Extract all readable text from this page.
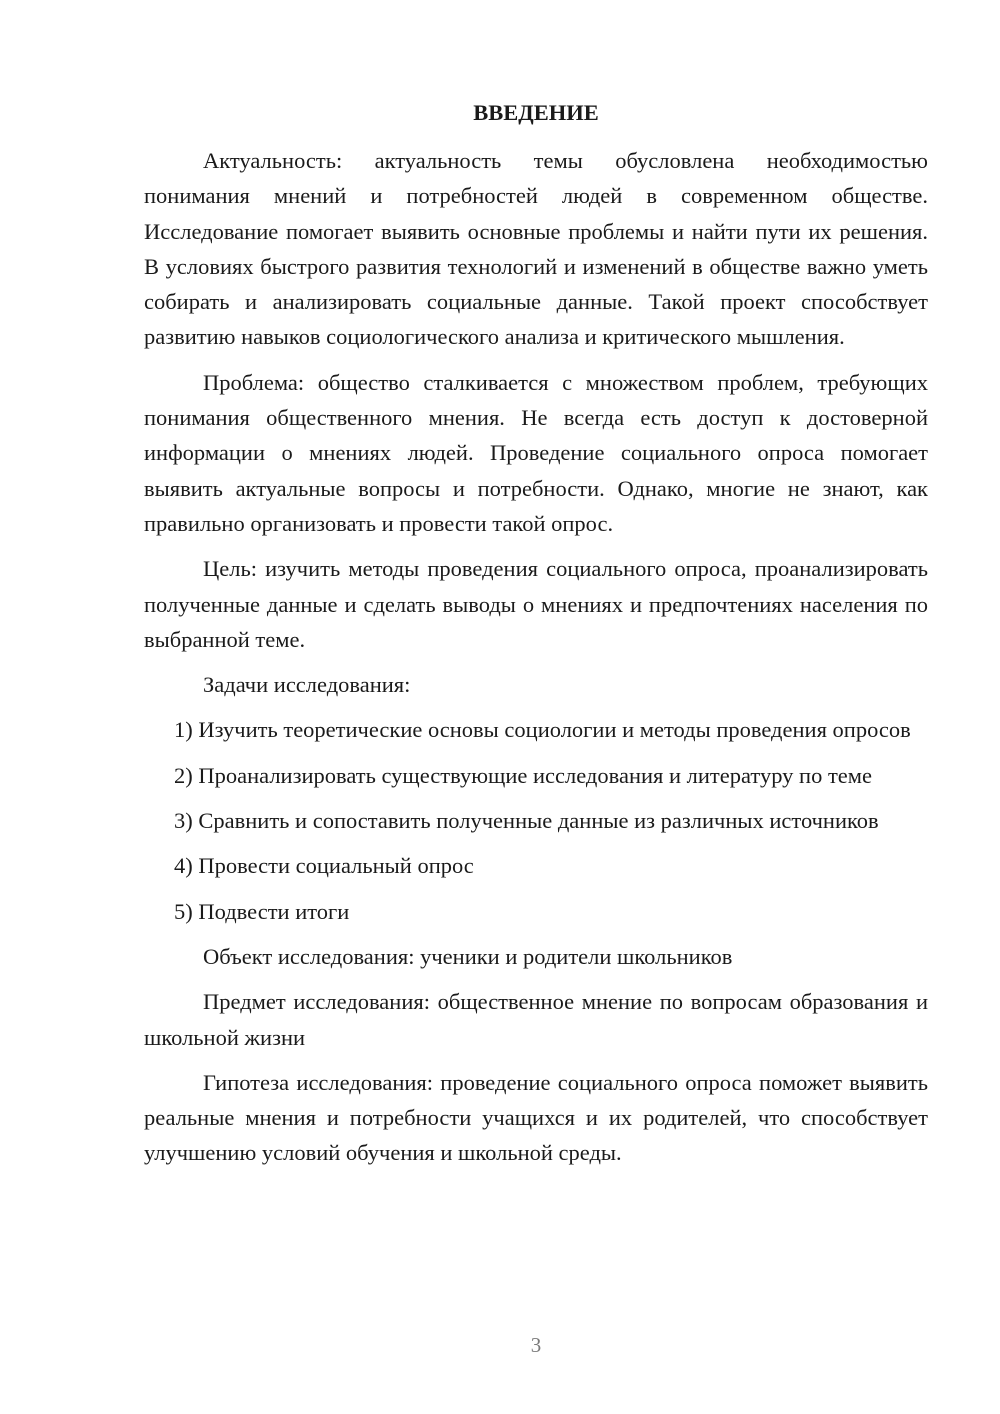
ВВЕДЕНИЕ

Актуальность: актуальность темы обусловлена необходимостью понимания мнений и потребностей людей в современном обществе. Исследование помогает выявить основные проблемы и найти пути их решения. В условиях быстрого развития технологий и изменений в обществе важно уметь собирать и анализировать социальные данные. Такой проект способствует развитию навыков социологического анализа и критического мышления.

Проблема: общество сталкивается с множеством проблем, требующих понимания общественного мнения. Не всегда есть доступ к достоверной информации о мнениях людей. Проведение социального опроса помогает выявить актуальные вопросы и потребности. Однако, многие не знают, как правильно организовать и провести такой опрос.

Цель: изучить методы проведения социального опроса, проанализировать полученные данные и сделать выводы о мнениях и предпочтениях населения по выбранной теме.

Задачи исследования:

1) Изучить теоретические основы социологии и методы проведения опросов

2) Проанализировать существующие исследования и литературу по теме

3) Сравнить и сопоставить полученные данные из различных источников

4) Провести социальный опрос

5) Подвести итоги

Объект исследования: ученики и родители школьников

Предмет исследования: общественное мнение по вопросам образования и школьной жизни

Гипотеза исследования: проведение социального опроса поможет выявить реальные мнения и потребности учащихся и их родителей, что способствует улучшению условий обучения и школьной среды.

3
